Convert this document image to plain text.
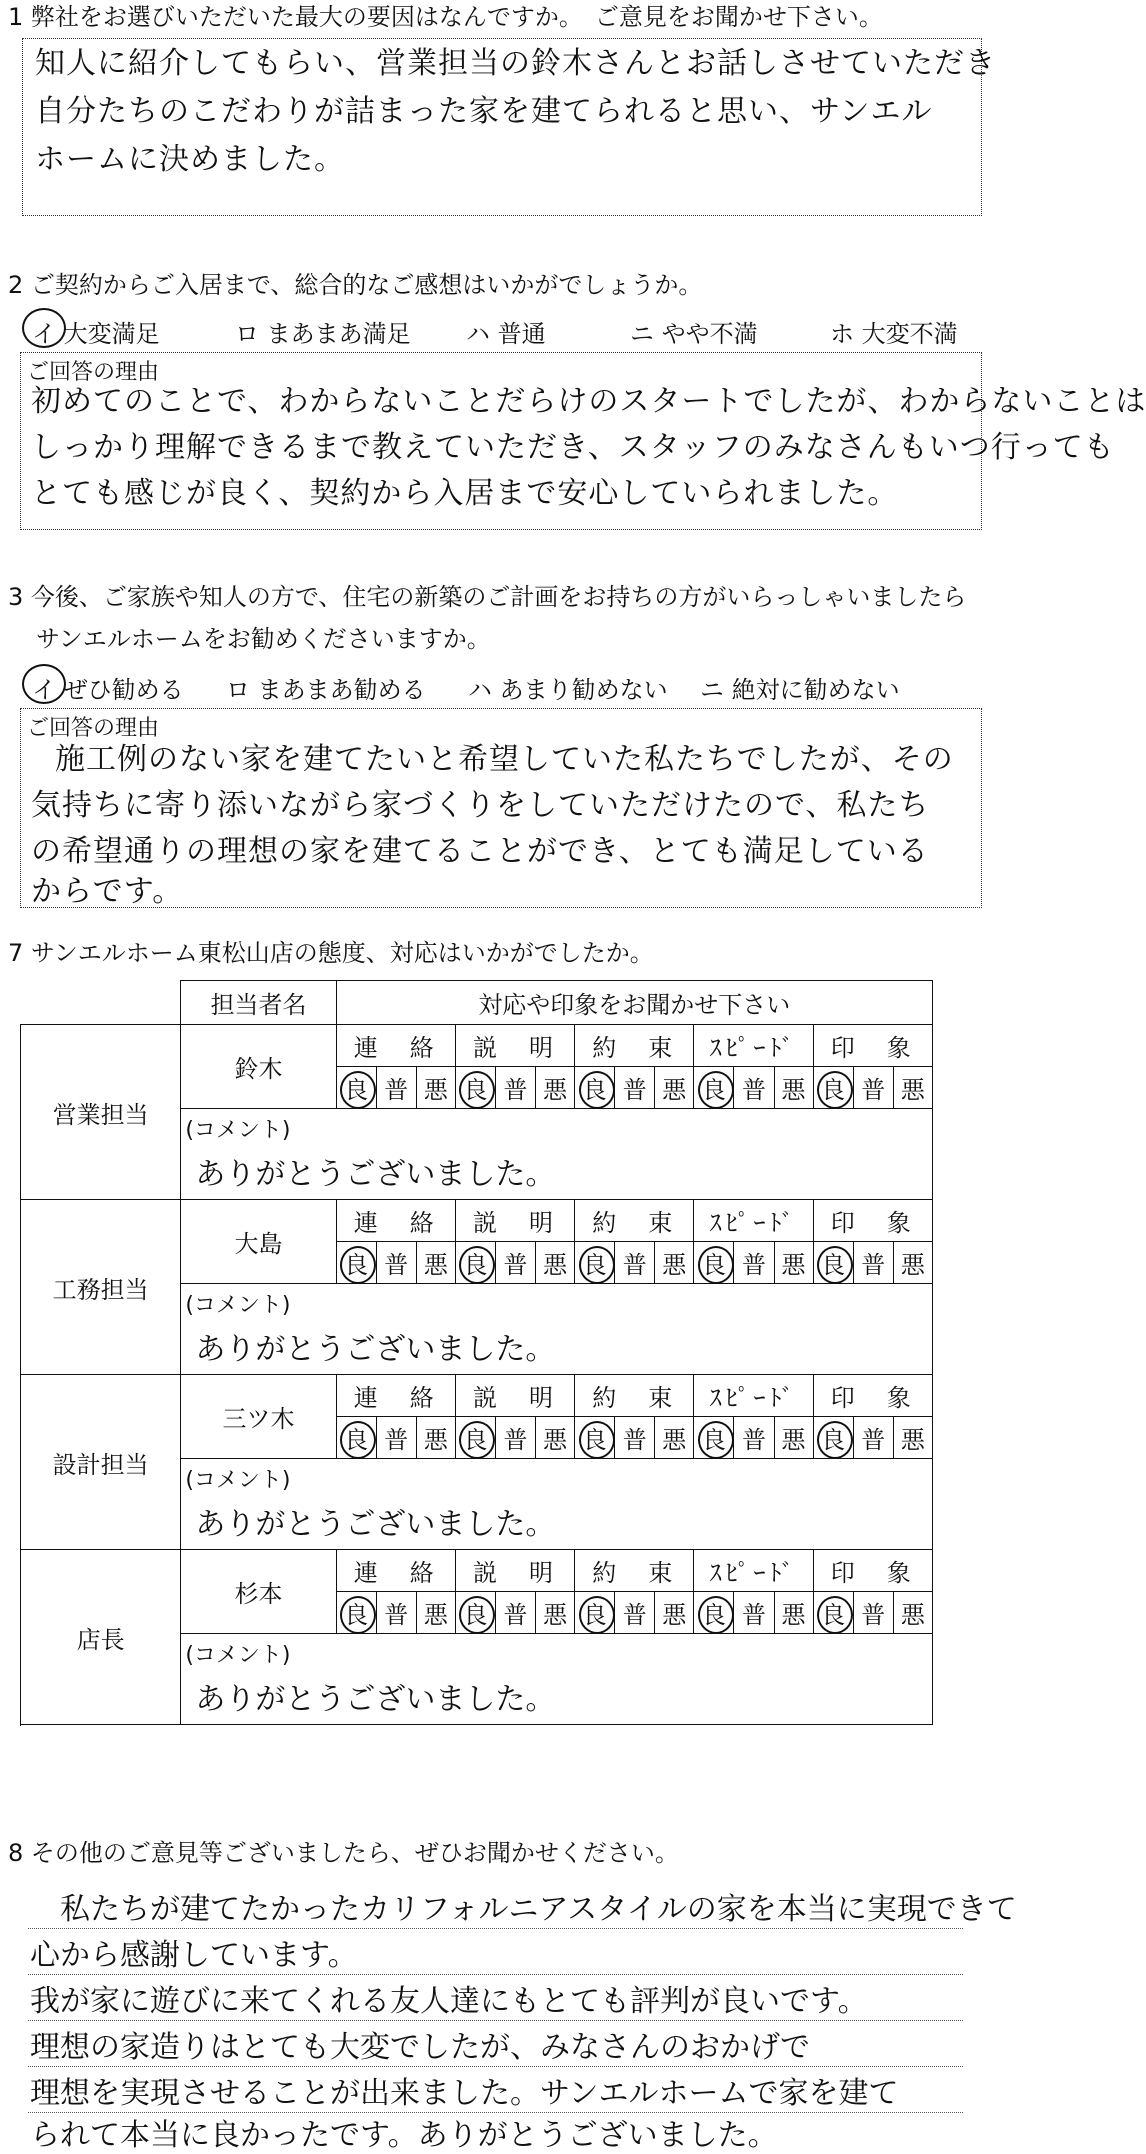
1 弊社をお選びいただいた最大の要因はなんですか。　ご意見をお聞かせ下さい。
知人に紹介してもらい、営業担当の鈴木さんとお話しさせていただき
自分たちのこだわりが詰まった家を建てられると思い、サンエル
ホームに決めました。
2 ご契約からご入居まで、総合的なご感想はいかがでしょうか。
イ 大変満足	ロ まあまあ満足 ハ 普通	ニ やや不満	ホ 大変不満
ご回答の理由
初めてのことで、わからないことだらけのスタートでしたが、わからないことは
しっかり理解できるまで教えていただき、スタッフのみなさんもいつ行っても
とても感じが良く、契約から入居まで安心していられました。
3 今後、ご家族や知人の方で、住宅の新築のご計画をお持ちの方がいらっしゃいましたら
サンエルホームをお勧めくださいますか。
イ ぜひ勧める ロ まあまあ勧める ハ あまり勧めない ニ 絶対に勧めない
ご回答の理由
施工例のない家を建てたいと希望していた私たちでしたが、その
気持ちに寄り添いながら家づくりをしていただけたので、私たち
の希望通りの理想の家を建てることができ、とても満足している
からです。
7 サンエルホーム東松山店の態度、対応はいかがでしたか。
	担当者名	対応や印象をお聞かせ下さい														
営業担当	鈴木	連　絡			説　明			約　束			ｽﾋﾟｰﾄﾞ			印　象		
		良	普	悪	良	普	悪	良	普	悪	良	普	悪	良	普	悪

	(コメント)
ありがとうございました。															

工務担当	大島	連　絡			説　明			約　束			ｽﾋﾟｰﾄﾞ			印　象		
		良	普	悪	良	普	悪	良	普	悪	良	普	悪	良	普	悪

	(コメント)
ありがとうございました。															

設計担当	三ツ木	連　絡			説　明			約　束			ｽﾋﾟｰﾄﾞ			印　象		
		良	普	悪	良	普	悪	良	普	悪	良	普	悪	良	普	悪

	(コメント)
ありがとうございました。															

店長	杉本	連　絡			説　明			約　束			ｽﾋﾟｰﾄﾞ			印　象		
		良	普	悪	良	普	悪	良	普	悪	良	普	悪	良	普	悪

	(コメント)
ありがとうございました。															

8 その他のご意見等ございましたら、ぜひお聞かせください。
私たちが建てたかったカリフォルニアスタイルの家を本当に実現できて
心から感謝しています。
我が家に遊びに来てくれる友人達にもとても評判が良いです。
理想の家造りはとても大変でしたが、みなさんのおかげで
理想を実現させることが出来ました。サンエルホームで家を建て
られて本当に良かったです。ありがとうございました。
